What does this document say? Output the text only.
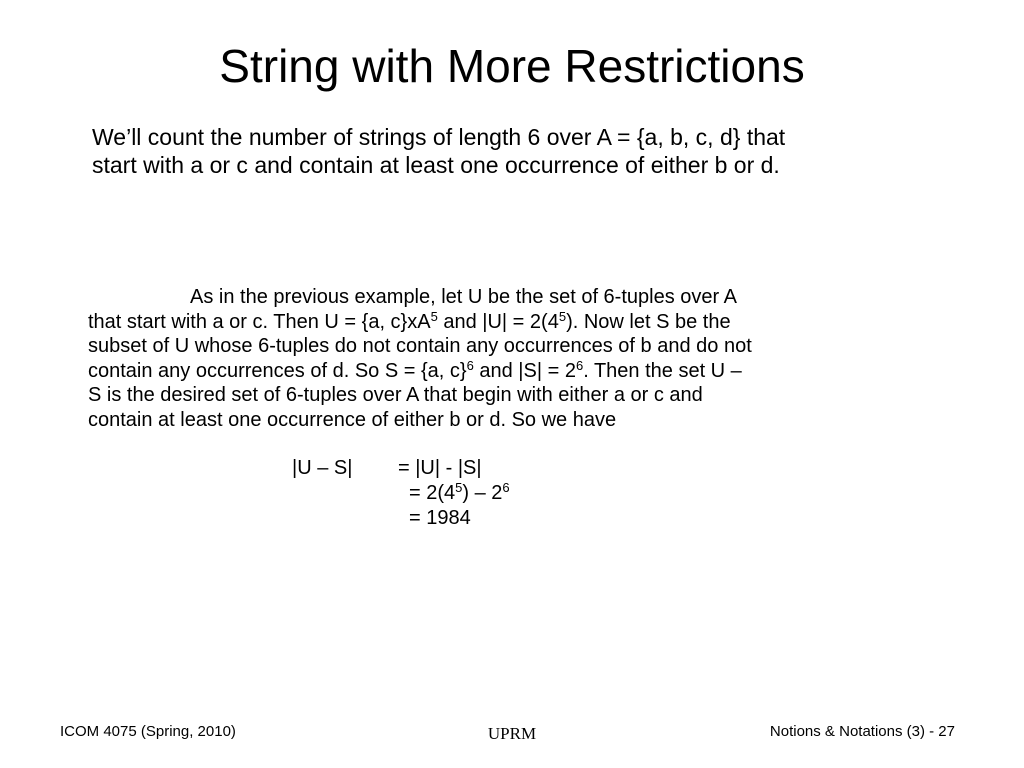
String with More Restrictions
We’ll count the number of strings of length 6 over A = {a, b, c, d} that
start with a or c and contain at least one occurrence of either b or d.
As in the previous example, let U be the set of 6-tuples over A
that start with a or c. Then U = {a, $c\}xA^5$ and $|U| = 2(4^5)$. Now let S be the
subset of U whose 6-tuples do not contain any occurrences of b and do not
contain any occurrences of d. So S = {a, c}$^6$ and $|S| = 2^6$. Then the set U –
S is the desired set of 6-tuples over A that begin with either a or c and
contain at least one occurrence of either b or d. So we have
|U – S| = |U| - |S|
= $2(4^5) - 2^6$
= 1984
ICOM 4075 (Spring, 2010)	UPRM	Notions & Notations (3) - 27
